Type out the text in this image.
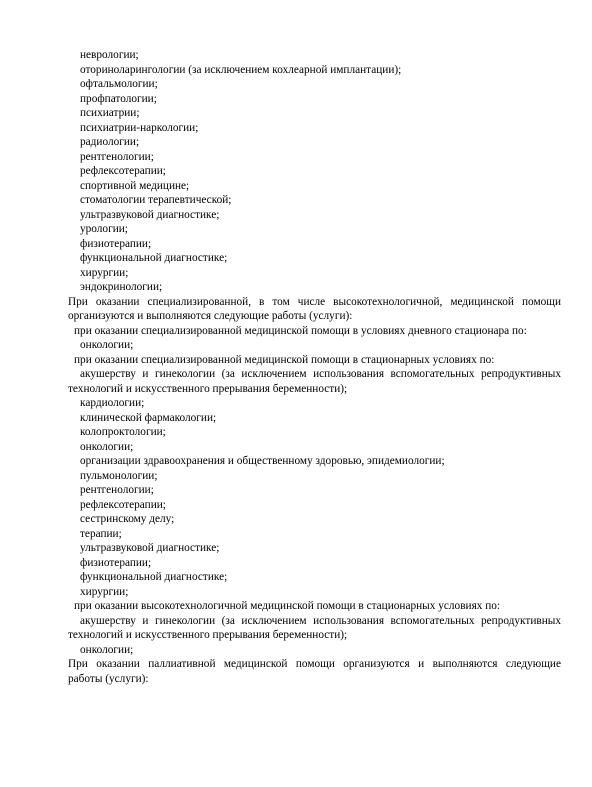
неврологии;
оториноларингологии (за исключением кохлеарной имплантации);
офтальмологии;
профпатологии;
психиатрии;
психиатрии-наркологии;
радиологии;
рентгенологии;
рефлексотерапии;
спортивной медицине;
стоматологии терапевтической;
ультразвуковой диагностике;
урологии;
физиотерапии;
функциональной диагностике;
хирургии;
эндокринологии;
При оказании специализированной, в том числе высокотехнологичной, медицинской помощи
организуются и выполняются следующие работы (услуги):
при оказании специализированной медицинской помощи в условиях дневного стационара по:
онкологии;
при оказании специализированной медицинской помощи в стационарных условиях по:
акушерству и гинекологии (за исключением использования вспомогательных репродуктивных
технологий и искусственного прерывания беременности);
кардиологии;
клинической фармакологии;
колопроктологии;
онкологии;
организации здравоохранения и общественному здоровью, эпидемиологии;
пульмонологии;
рентгенологии;
рефлексотерапии;
сестринскому делу;
терапии;
ультразвуковой диагностике;
физиотерапии;
функциональной диагностике;
хирургии;
при оказании высокотехнологичной медицинской помощи в стационарных условиях по:
акушерству и гинекологии (за исключением использования вспомогательных репродуктивных
технологий и искусственного прерывания беременности);
онкологии;
При оказании паллиативной медицинской помощи организуются и выполняются следующие
работы (услуги):
